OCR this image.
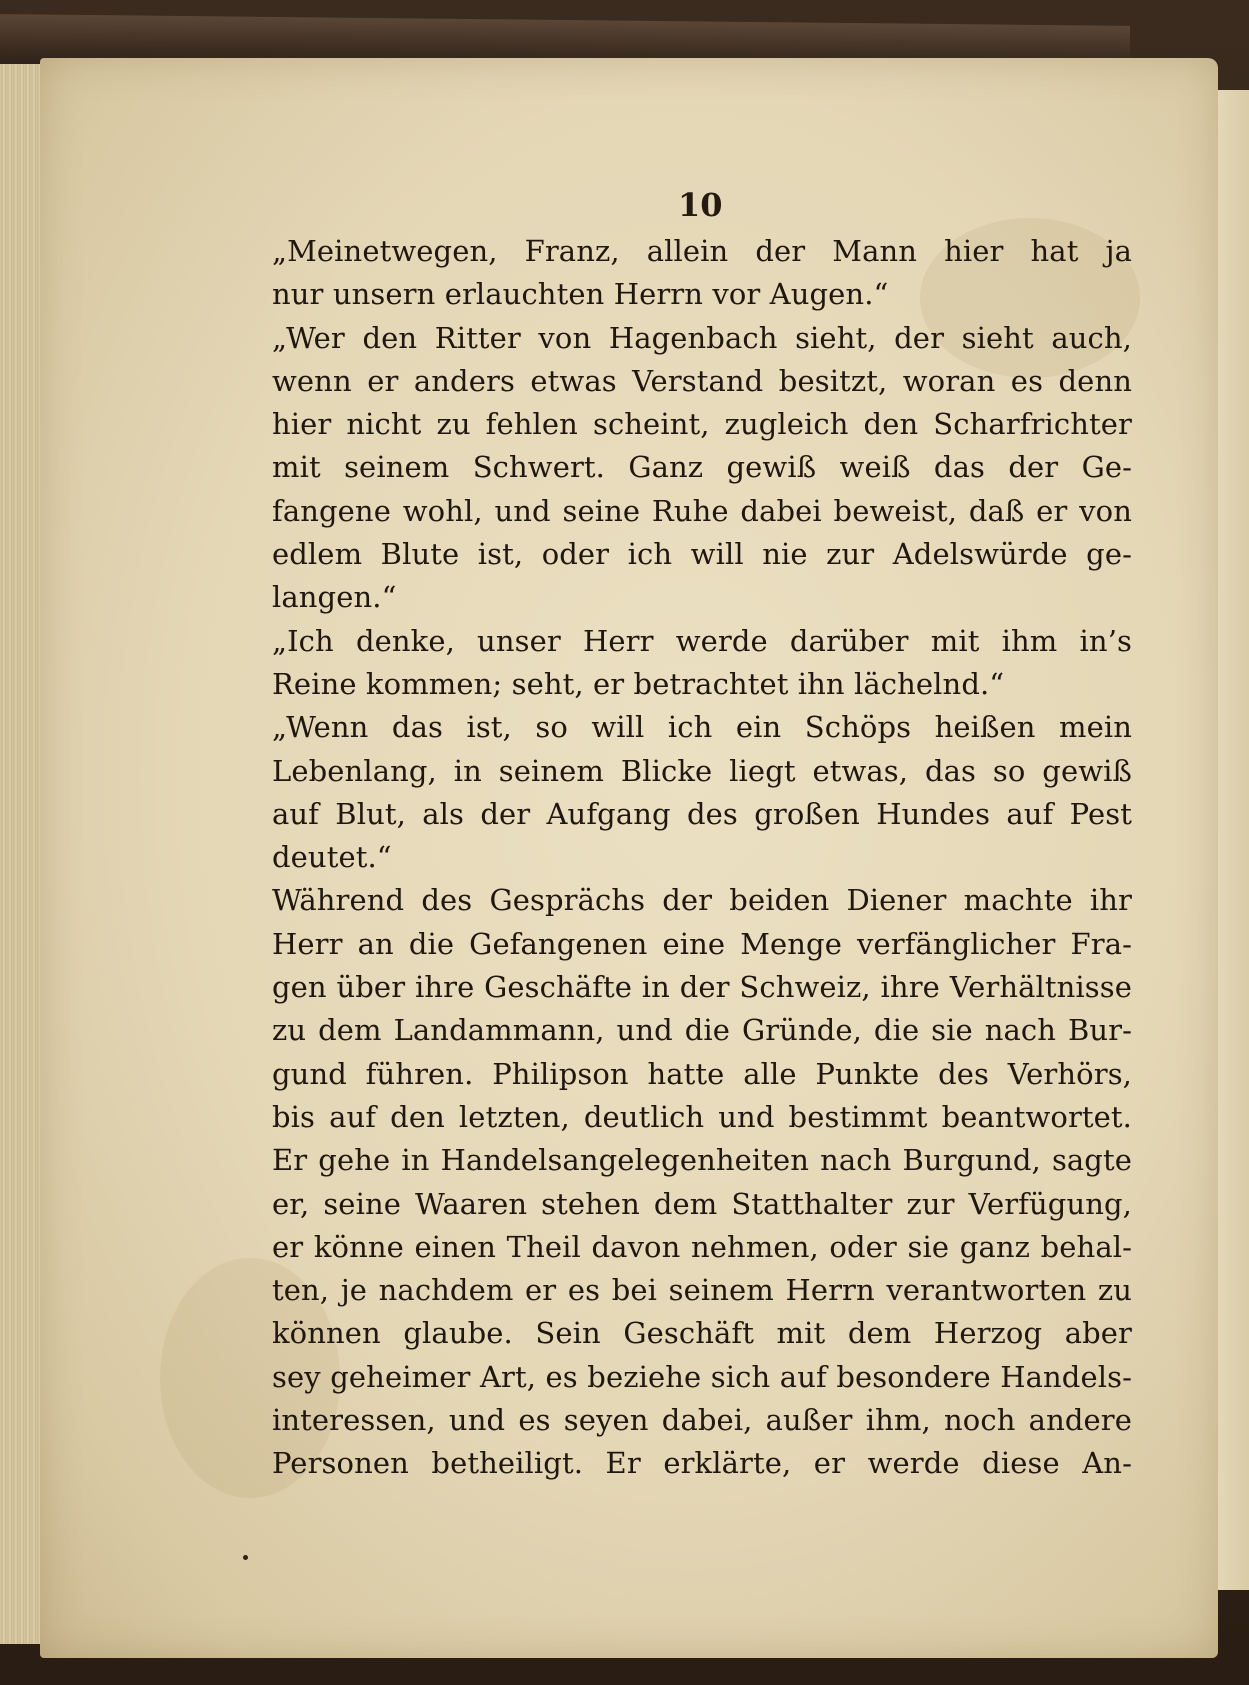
10
„Meinetwegen, Franz, allein der Mann hier hat ja
nur unsern erlauchten Herrn vor Augen.“
„Wer den Ritter von Hagenbach sieht, der sieht auch,
wenn er anders etwas Verstand besitzt, woran es denn
hier nicht zu fehlen scheint, zugleich den Scharfrichter
mit seinem Schwert. Ganz gewiß weiß das der Ge-
fangene wohl, und seine Ruhe dabei beweist, daß er von
edlem Blute ist, oder ich will nie zur Adelswürde ge-
langen.“
„Ich denke, unser Herr werde darüber mit ihm in’s
Reine kommen; seht, er betrachtet ihn lächelnd.“
„Wenn das ist, so will ich ein Schöps heißen mein
Lebenlang, in seinem Blicke liegt etwas, das so gewiß
auf Blut, als der Aufgang des großen Hundes auf Pest
deutet.“
Während des Gesprächs der beiden Diener machte ihr
Herr an die Gefangenen eine Menge verfänglicher Fra-
gen über ihre Geschäfte in der Schweiz, ihre Verhältnisse
zu dem Landammann, und die Gründe, die sie nach Bur-
gund führen. Philipson hatte alle Punkte des Verhörs,
bis auf den letzten, deutlich und bestimmt beantwortet.
Er gehe in Handelsangelegenheiten nach Burgund, sagte
er, seine Waaren stehen dem Statthalter zur Verfügung,
er könne einen Theil davon nehmen, oder sie ganz behal-
ten, je nachdem er es bei seinem Herrn verantworten zu
können glaube. Sein Geschäft mit dem Herzog aber
sey geheimer Art, es beziehe sich auf besondere Handels-
interessen, und es seyen dabei, außer ihm, noch andere
Personen betheiligt. Er erklärte, er werde diese An-
